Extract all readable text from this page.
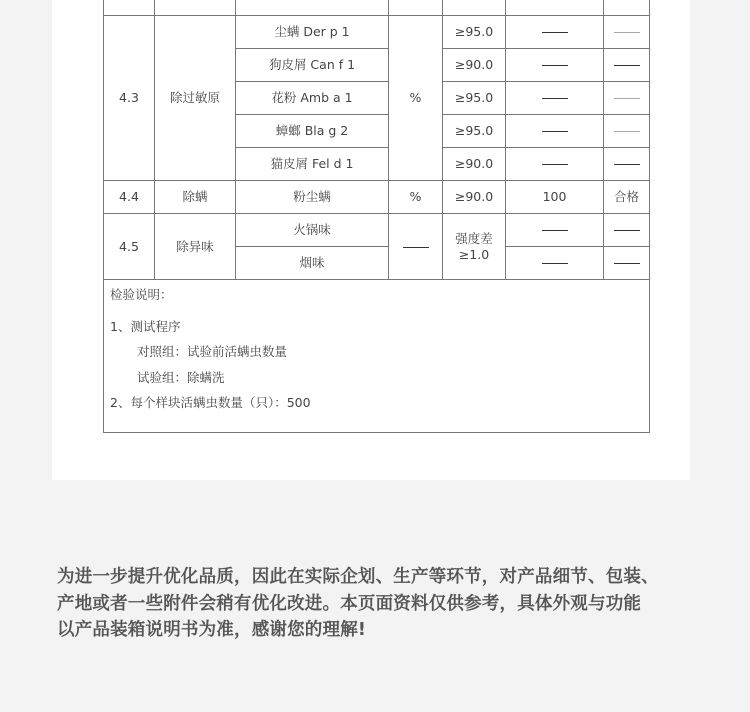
4.3	除过敏原	尘螨 Der p 1	%	≥95.0		
		狗皮屑 Can f 1		≥90.0		
		花粉 Amb a 1		≥95.0		
		蟑螂 Bla g 2		≥95.0		
		猫皮屑 Fel d 1		≥90.0		
4.4	除螨	粉尘螨	%	≥90.0	100	合格
4.5	除异味	火锅味		强度差≥1.0		
		烟味				

检验说明：
1、测试程序
对照组：试验前活螨虫数量
试验组：除螨洗
2、每个样块活螨虫数量（只）：500						
为进一步提升优化品质，因此在实际企划、生产等环节，对产品细节、包装、
产地或者一些附件会稍有优化改进。本页面资料仅供参考，具体外观与功能
以产品装箱说明书为准，感谢您的理解!
